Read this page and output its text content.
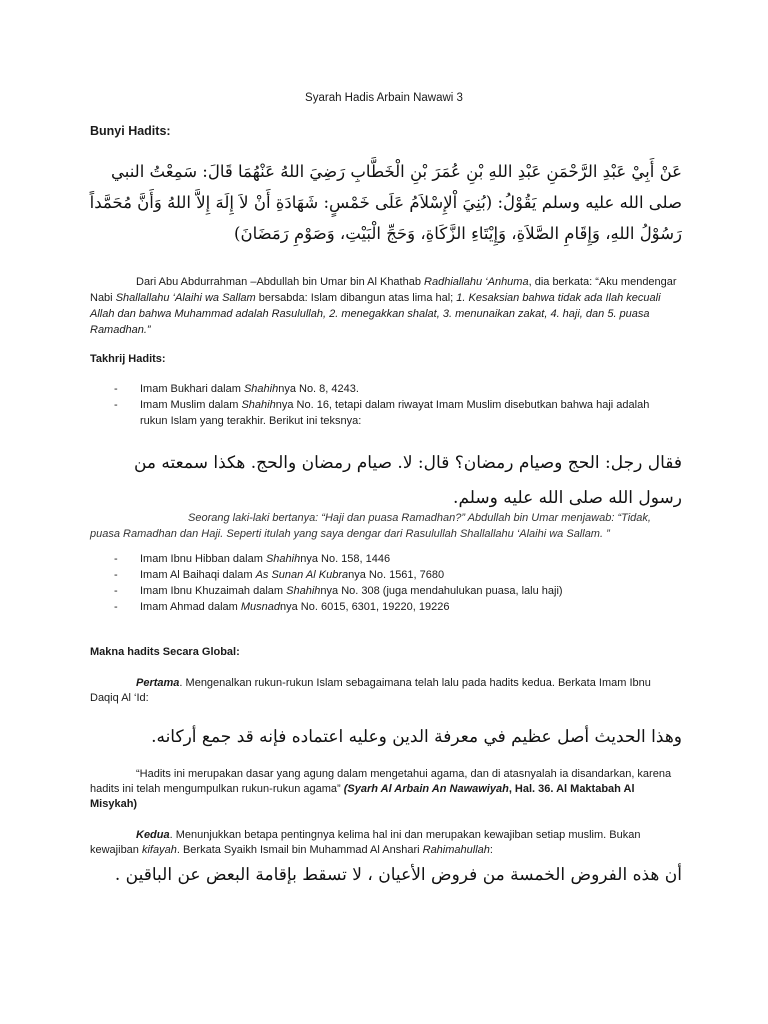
Syarah Hadis Arbain Nawawi 3
Bunyi Hadits:
عَنْ أَبِيْ عَبْدِ الرَّحْمَنِ عَبْدِ اللهِ بْنِ عُمَرَ بْنِ الْخَطَّابِ رَضِيَ اللهُ عَنْهُمَا قَالَ: سَمِعْتُ النبي صلى الله عليه وسلم يَقُوْلُ: (بُنِيَ اْلإِسْلاَمُ عَلَى خَمْسٍ: شَهَادَةِ أَنْ لاَ إِلَهَ إِلاَّ اللهُ وَأَنَّ مُحَمَّداً رَسُوْلُ اللهِ، وَإِقَامِ الصَّلاَةِ، وَإِيْتَاءِ الزَّكَاةِ، وَحَجِّ الْبَيْتِ، وَصَوْمِ رَمَضَانَ)
Dari Abu Abdurrahman –Abdullah bin Umar bin Al Khathab Radhiallahu ‘Anhuma, dia berkata: “Aku mendengar Nabi Shallallahu ‘Alaihi wa Sallam bersabda: Islam dibangun atas lima hal; 1. Kesaksian bahwa tidak ada Ilah kecuali Allah dan bahwa Muhammad adalah Rasulullah, 2. menegakkan shalat, 3. menunaikan zakat, 4. haji, dan 5. puasa Ramadhan.”
Takhrij Hadits:
- Imam Bukhari dalam Shahihnya No. 8, 4243.
- Imam Muslim dalam Shahihnya No. 16, tetapi dalam riwayat Imam Muslim disebutkan bahwa haji adalah
rukun Islam yang terakhir. Berikut ini teksnya:
فقال رجل: الحج وصيام رمضان؟ قال: لا. صيام رمضان والحج. هكذا سمعته من رسول الله صلى الله عليه وسلم.
Seorang laki-laki bertanya: “Haji dan puasa Ramadhan?” Abdullah bin Umar menjawab: “Tidak, puasa Ramadhan dan Haji. Seperti itulah yang saya dengar dari Rasulullah Shallallahu ‘Alaihi wa Sallam. ”
- Imam Ibnu Hibban dalam Shahihnya No. 158, 1446
- Imam Al Baihaqi dalam As Sunan Al Kubranya No. 1561, 7680
- Imam Ibnu Khuzaimah dalam Shahihnya No. 308 (juga mendahulukan puasa, lalu haji)
- Imam Ahmad dalam Musnadnya No. 6015, 6301, 19220, 19226
Makna hadits Secara Global:
Pertama. Mengenalkan rukun-rukun Islam sebagaimana telah lalu pada hadits kedua. Berkata Imam Ibnu Daqiq Al ‘Id:
وهذا الحديث أصل عظيم في معرفة الدين وعليه اعتماده فإنه قد جمع أركانه.
“Hadits ini merupakan dasar yang agung dalam mengetahui agama, dan di atasnyalah ia disandarkan, karena hadits ini telah mengumpulkan rukun-rukun agama” (Syarh Al Arbain An Nawawiyah, Hal. 36. Al Maktabah Al Misykah)
Kedua. Menunjukkan betapa pentingnya kelima hal ini dan merupakan kewajiban setiap muslim. Bukan kewajiban kifayah. Berkata Syaikh Ismail bin Muhammad Al Anshari Rahimahullah:
أن هذه الفروض الخمسة من فروض الأعيان ، لا تسقط بإقامة البعض عن الباقين .
